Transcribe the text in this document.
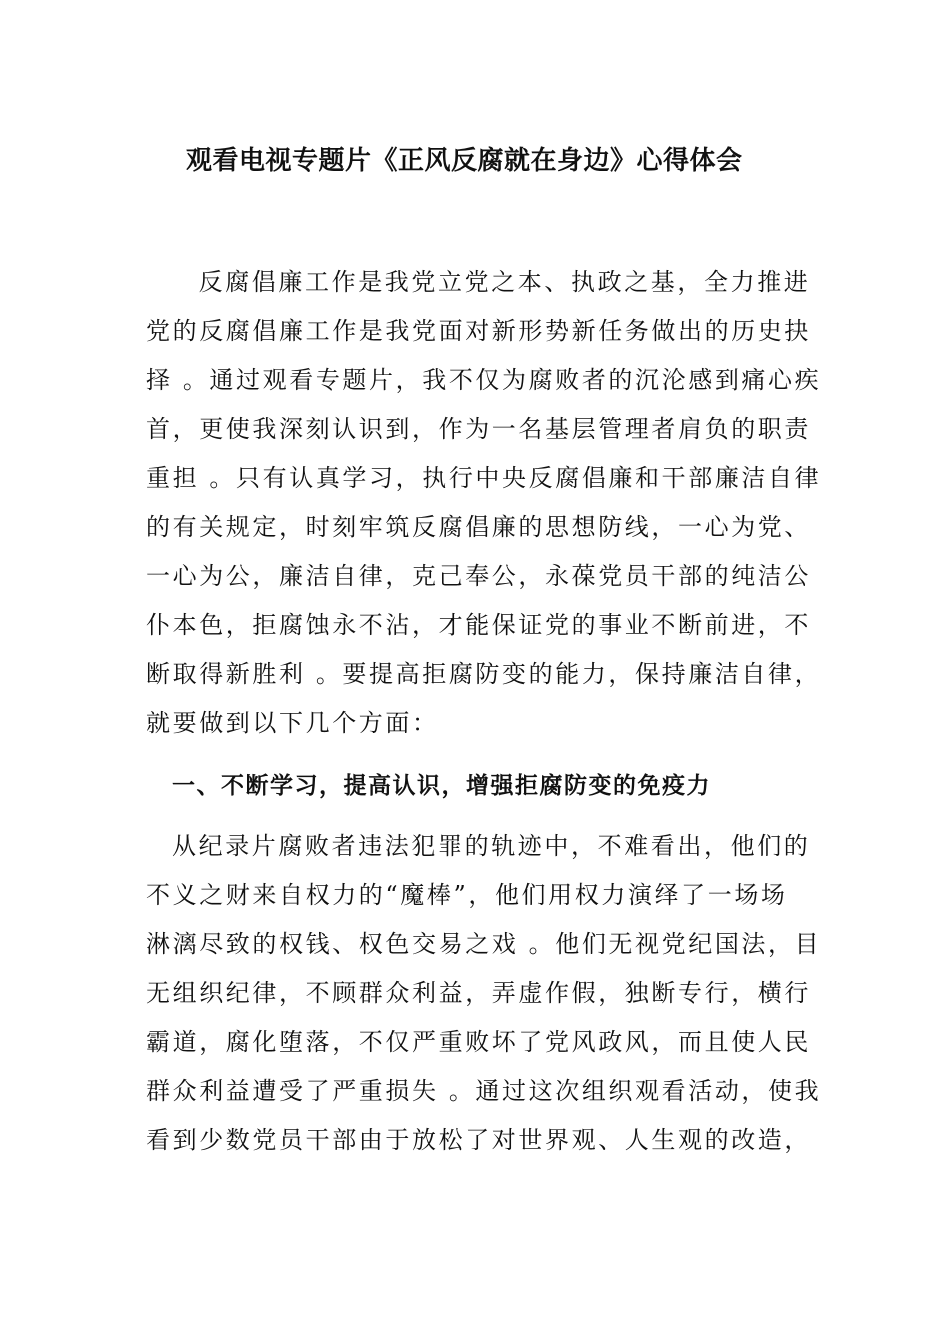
观看电视专题片《正风反腐就在身边》心得体会
　反腐倡廉工作是我党立党之本、执政之基，全力推进
党的反腐倡廉工作是我党面对新形势新任务做出的历史抉
择 。通过观看专题片，我不仅为腐败者的沉沦感到痛心疾
首，更使我深刻认识到，作为一名基层管理者肩负的职责
重担 。只有认真学习，执行中央反腐倡廉和干部廉洁自律
的有关规定，时刻牢筑反腐倡廉的思想防线，一心为党、
一心为公，廉洁自律，克己奉公，永葆党员干部的纯洁公
仆本色，拒腐蚀永不沾，才能保证党的事业不断前进，不
断取得新胜利 。要提高拒腐防变的能力，保持廉洁自律，
就要做到以下几个方面：
一、不断学习，提高认识，增强拒腐防变的免疫力
从纪录片腐败者违法犯罪的轨迹中，不难看出，他们的
不义之财来自权力的“魔棒”，他们用权力演绎了一场场
淋漓尽致的权钱、权色交易之戏 。他们无视党纪国法，目
无组织纪律，不顾群众利益，弄虚作假，独断专行，横行
霸道，腐化堕落，不仅严重败坏了党风政风，而且使人民
群众利益遭受了严重损失 。通过这次组织观看活动，使我
看到少数党员干部由于放松了对世界观、人生观的改造，
